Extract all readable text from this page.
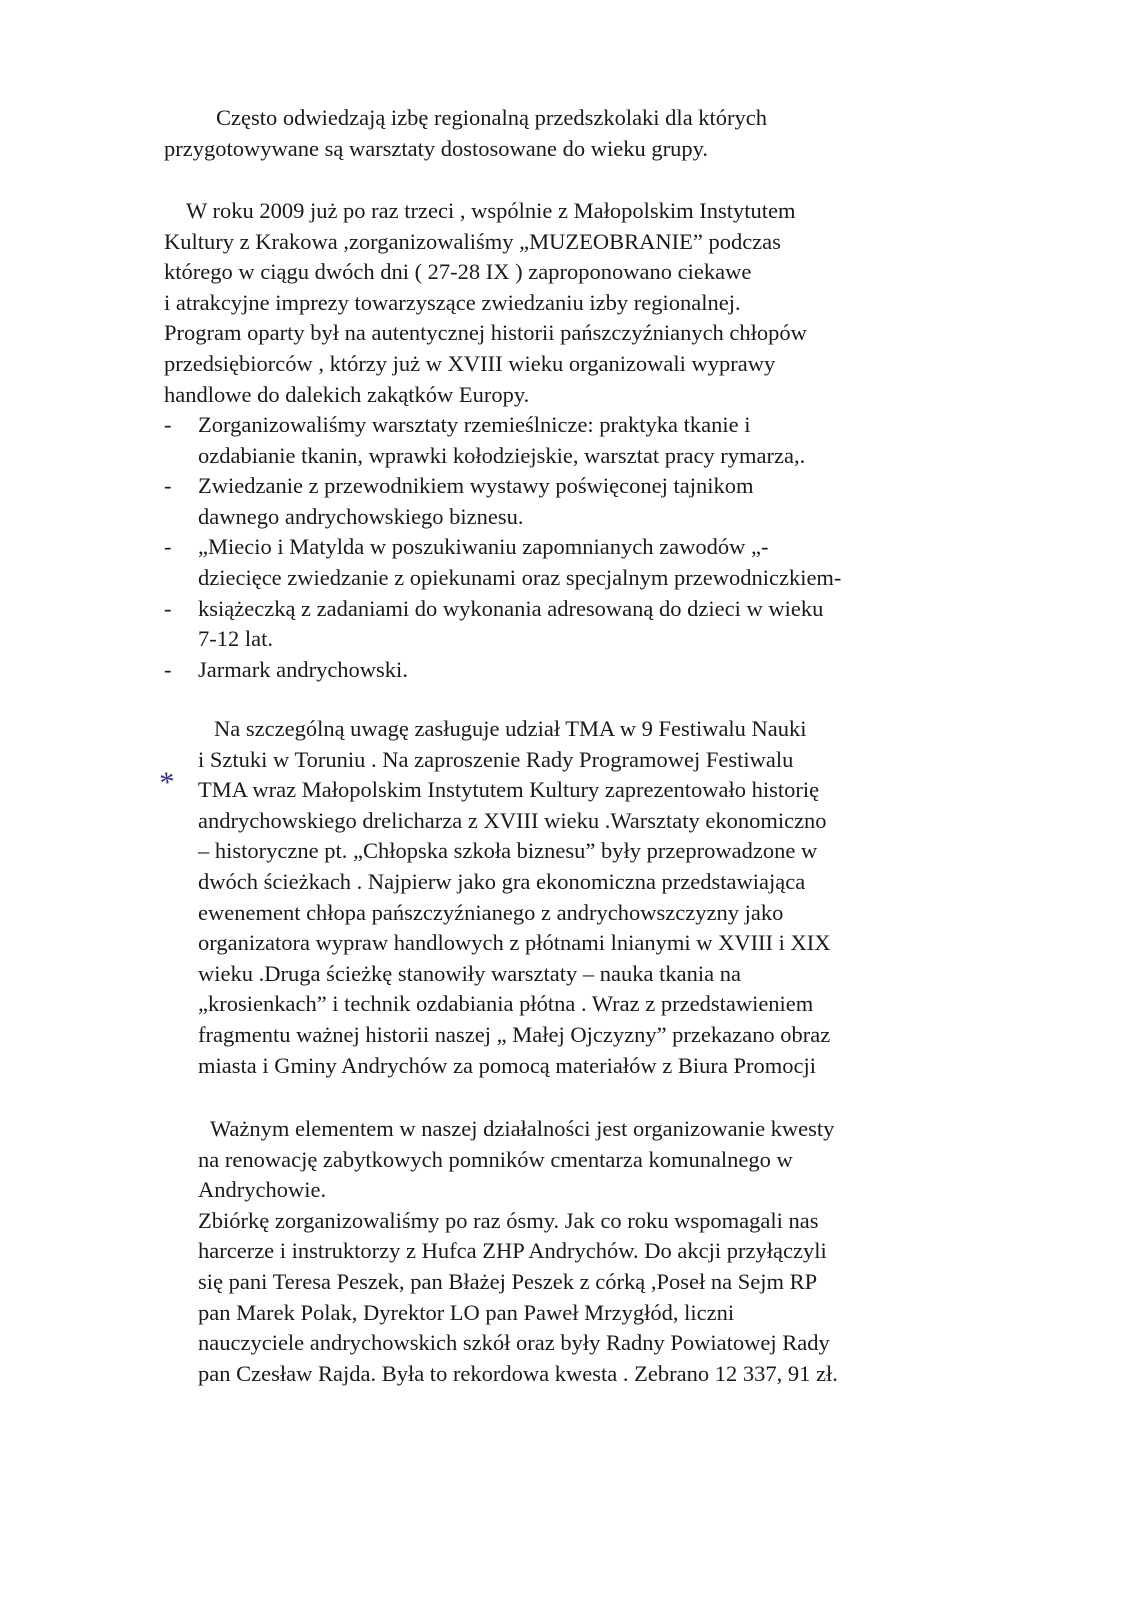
Często odwiedzają izbę regionalną przedszkolaki dla których
przygotowywane są warsztaty dostosowane do wieku grupy.

W roku 2009 już po raz trzeci , wspólnie z Małopolskim Instytutem
Kultury z Krakowa ,zorganizowaliśmy „MUZEOBRANIE” podczas
którego w ciągu dwóch dni ( 27-28 IX ) zaproponowano ciekawe
i atrakcyjne imprezy towarzyszące zwiedzaniu izby regionalnej.
Program oparty był na autentycznej historii pańszczyźnianych chłopów
przedsiębiorców , którzy już w XVIII wieku organizowali wyprawy
handlowe do dalekich zakątków Europy.

- Zorganizowaliśmy warsztaty rzemieślnicze: praktyka tkanie i
ozdabianie tkanin, wprawki kołodziejskie, warsztat pracy rymarza,.
- Zwiedzanie z przewodnikiem wystawy poświęconej tajnikom
dawnego andrychowskiego biznesu.
- „Miecio i Matylda w poszukiwaniu zapomnianych zawodów „-
dziecięce zwiedzanie z opiekunami oraz specjalnym przewodniczkiem-
- książeczką z zadaniami do wykonania adresowaną do dzieci w wieku
7-12 lat.
- Jarmark andrychowski.
*

Na szczególną uwagę zasługuje udział TMA w 9 Festiwalu Nauki
i Sztuki w Toruniu . Na zaproszenie Rady Programowej Festiwalu
TMA wraz Małopolskim Instytutem Kultury zaprezentowało historię
andrychowskiego drelicharza z XVIII wieku .Warsztaty ekonomiczno
– historyczne pt. „Chłopska szkoła biznesu” były przeprowadzone w
dwóch ścieżkach . Najpierw jako gra ekonomiczna przedstawiająca
ewenement chłopa pańszczyźnianego z andrychowszczyzny jako
organizatora wypraw handlowych z płótnami lnianymi w XVIII i XIX
wieku .Druga ścieżkę stanowiły warsztaty – nauka tkania na
„krosienkach” i technik ozdabiania płótna . Wraz z przedstawieniem
fragmentu ważnej historii naszej „ Małej Ojczyzny” przekazano obraz
miasta i Gminy Andrychów za pomocą materiałów z Biura Promocji

Ważnym elementem w naszej działalności jest organizowanie kwesty
na renowację zabytkowych pomników cmentarza komunalnego w
Andrychowie.
Zbiórkę zorganizowaliśmy po raz ósmy. Jak co roku wspomagali nas
harcerze i instruktorzy z Hufca ZHP Andrychów. Do akcji przyłączyli
się pani Teresa Peszek, pan Błażej Peszek z córką ,Poseł na Sejm RP
pan Marek Polak, Dyrektor LO pan Paweł Mrzygłód, liczni
nauczyciele andrychowskich szkół oraz były Radny Powiatowej Rady
pan Czesław Rajda. Była to rekordowa kwesta . Zebrano 12 337, 91 zł.
